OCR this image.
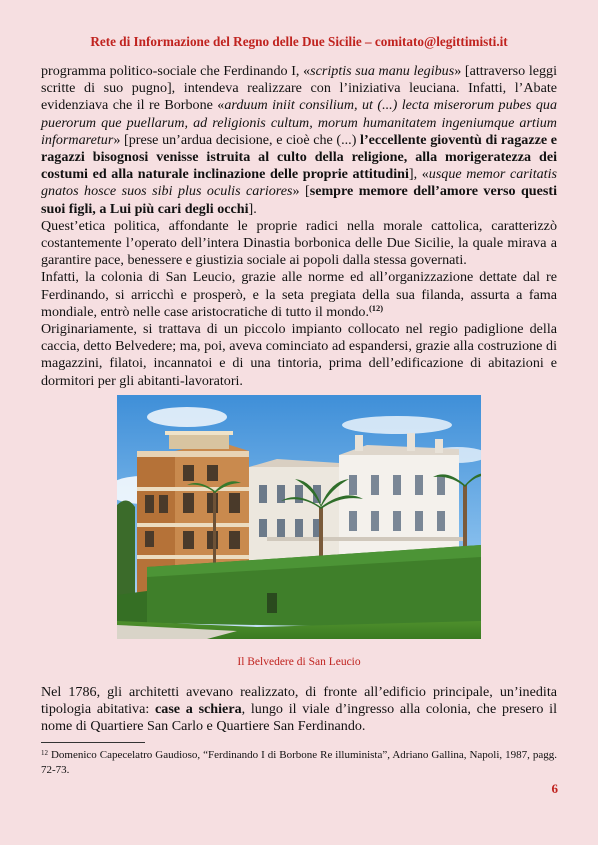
Rete di Informazione del Regno delle Due Sicilie – comitato@legittimisti.it

programma politico-sociale che Ferdinando I, «scriptis sua manu legibus» [attraverso leggi scritte di suo pugno], intendeva realizzare con l’iniziativa leuciana. Infatti, l’Abate evidenziava che il re Borbone «arduum iniit consilium, ut (...) lecta miserorum pubes qua puerorum que puellarum, ad religionis cultum, morum humanitatem ingeniumque artium informaretur» [prese un’ardua decisione, e cioè che (...) l’eccellente gioventù di ragazze e ragazzi bisognosi venisse istruita al culto della religione, alla morigeratezza dei costumi ed alla naturale inclinazione delle proprie attitudini], «usque memor caritatis gnatos hosce suos sibi plus oculis cariores» [sempre memore dell’amore verso questi suoi figli, a Lui più cari degli occhi].

Quest’etica politica, affondante le proprie radici nella morale cattolica, caratterizzò costantemente l’operato dell’intera Dinastia borbonica delle Due Sicilie, la quale mirava a garantire pace, benessere e giustizia sociale ai popoli dalla stessa governati.

Infatti, la colonia di San Leucio, grazie alle norme ed all’organizzazione dettate dal re Ferdinando, si arricchì e prosperò, e la seta pregiata della sua filanda, assurta a fama mondiale, entrò nelle case aristocratiche di tutto il mondo.$^{(12)}$

Originariamente, si trattava di un piccolo impianto collocato nel regio padiglione della caccia, detto Belvedere; ma, poi, aveva cominciato ad espandersi, grazie alla costruzione di magazzini, filatoi, incannatoi e di una tintoria, prima dell’edificazione di abitazioni e dormitori per gli abitanti-lavoratori.

Il Belvedere di San Leucio
Nel 1786, gli architetti avevano realizzato, di fronte all’edificio principale, un’inedita tipologia abitativa: case a schiera, lungo il viale d’ingresso alla colonia, che presero il nome di Quartiere San Carlo e Quartiere San Ferdinando.
$^{12}$ Domenico Capecelatro Gaudioso, “Ferdinando I di Borbone Re illuminista”, Adriano Gallina, Napoli, 1987, pagg. 72-73.
6
